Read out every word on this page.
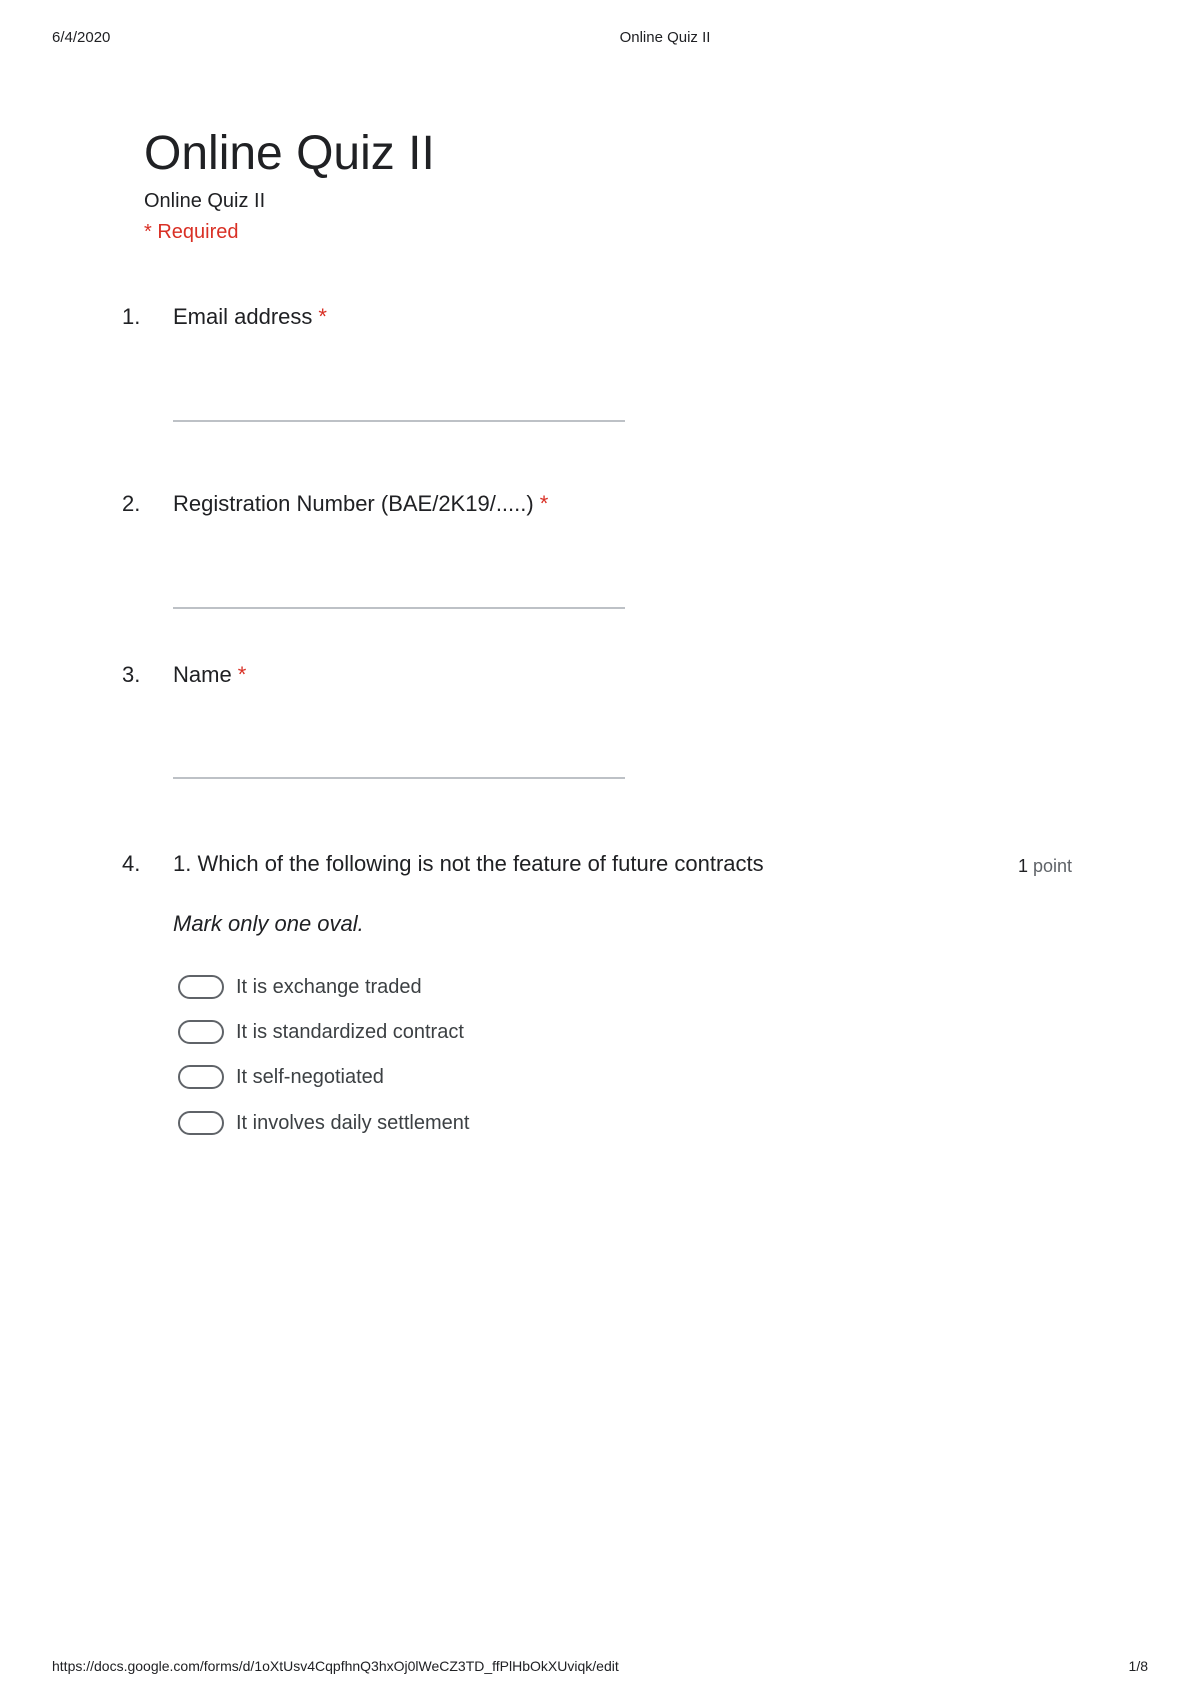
6/4/2020	Online Quiz II
Online Quiz II
Online Quiz II
* Required
1. Email address *
2. Registration Number (BAE/2K19/.....) *
3. Name *
4. 1. Which of the following is not the feature of future contracts	1 point
Mark only one oval.
It is exchange traded
It is standardized contract
It self-negotiated
It involves daily settlement
https://docs.google.com/forms/d/1oXtUsv4CqpfhnQ3hxOj0lWeCZ3TD_ffPlHbOkXUviqk/edit	1/8
